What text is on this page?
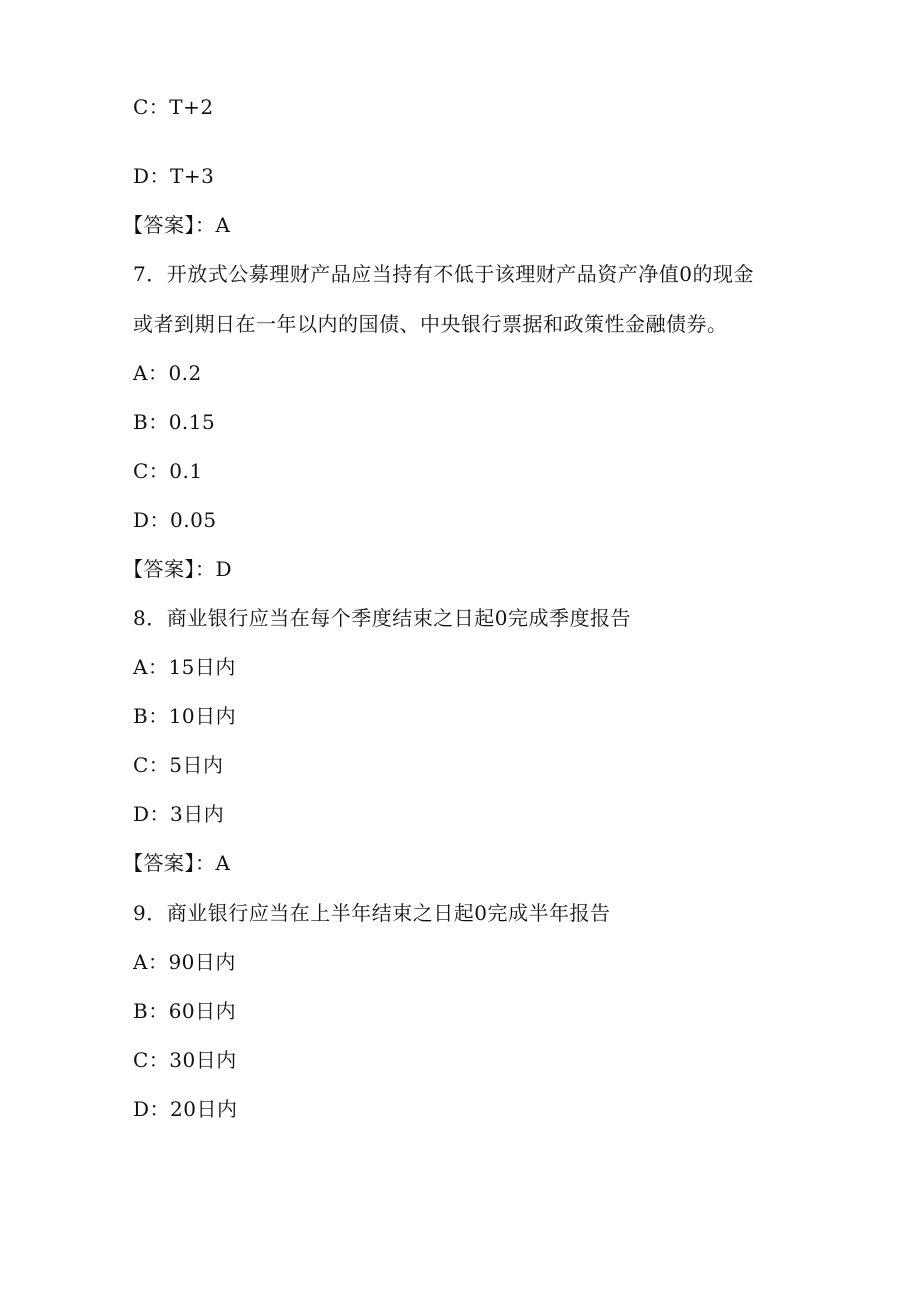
C：T+2
D：T+3
【答案】：A
7．开放式公募理财产品应当持有不低于该理财产品资产净值0的现金
或者到期日在一年以内的国债、中央银行票据和政策性金融债券。
A：0.2
B：0.15
C：0.1
D：0.05
【答案】：D
8．商业银行应当在每个季度结束之日起0完成季度报告
A：15日内
B：10日内
C：5日内
D：3日内
【答案】：A
9．商业银行应当在上半年结束之日起0完成半年报告
A：90日内
B：60日内
C：30日内
D：20日内
